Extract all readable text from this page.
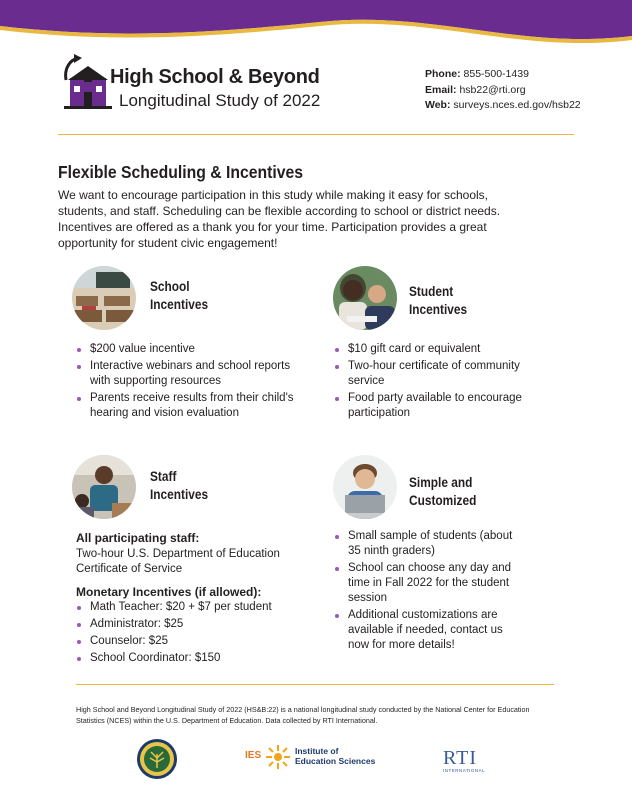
High School & Beyond
Longitudinal Study of 2022
Phone: 855-500-1439
Email: hsb22@rti.org
Web: surveys.nces.ed.gov/hsb22
Flexible Scheduling & Incentives
We want to encourage participation in this study while making it easy for schools, students, and staff. Scheduling can be flexible according to school or district needs. Incentives are offered as a thank you for your time. Participation provides a great opportunity for student civic engagement!
School
Incentives
$200 value incentive
Interactive webinars and school reports with supporting resources
Parents receive results from their child's hearing and vision evaluation
Student
Incentives
$10 gift card or equivalent
Two-hour certificate of community service
Food party available to encourage participation
Staff
Incentives
All participating staff:
Two-hour U.S. Department of Education Certificate of Service
Monetary Incentives (if allowed):
Math Teacher: $20 + $7 per student
Administrator: $25
Counselor: $25
School Coordinator: $150
Simple and
Customized
Small sample of students (about 35 ninth graders)
School can choose any day and time in Fall 2022 for the student session
Additional customizations are available if needed, contact us now for more details!
High School and Beyond Longitudinal Study of 2022 (HS&B:22) is a national longitudinal study conducted by the National Center for Education Statistics (NCES) within the U.S. Department of Education. Data collected by RTI International.
IES	Institute of
Education Sciences	RTI
INTERNATIONAL
